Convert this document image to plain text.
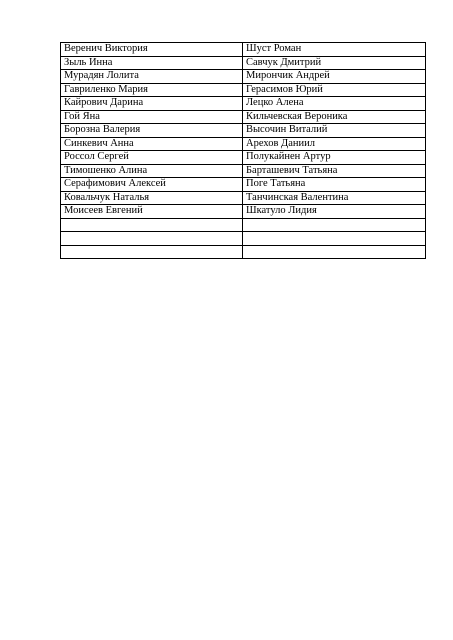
Веренич Виктория	Шуст Роман
Зыль Инна	Савчук Дмитрий
Мурадян Лолита	Мирончик Андрей
Гавриленко Мария	Герасимов Юрий
Кайрович Дарина	Лецко Алена
Гой Яна	Кильчевская Вероника
Борозна Валерия	Высочин Виталий
Синкевич Анна	Арехов Даниил
Россол Сергей	Полукайнен Артур
Тимошенко Алина	Барташевич Татьяна
Серафимович Алексей	Поге Татьяна
Ковальчук Наталья	Танчинская Валентина
Моисеев Евгений	Шкатуло Лидия
